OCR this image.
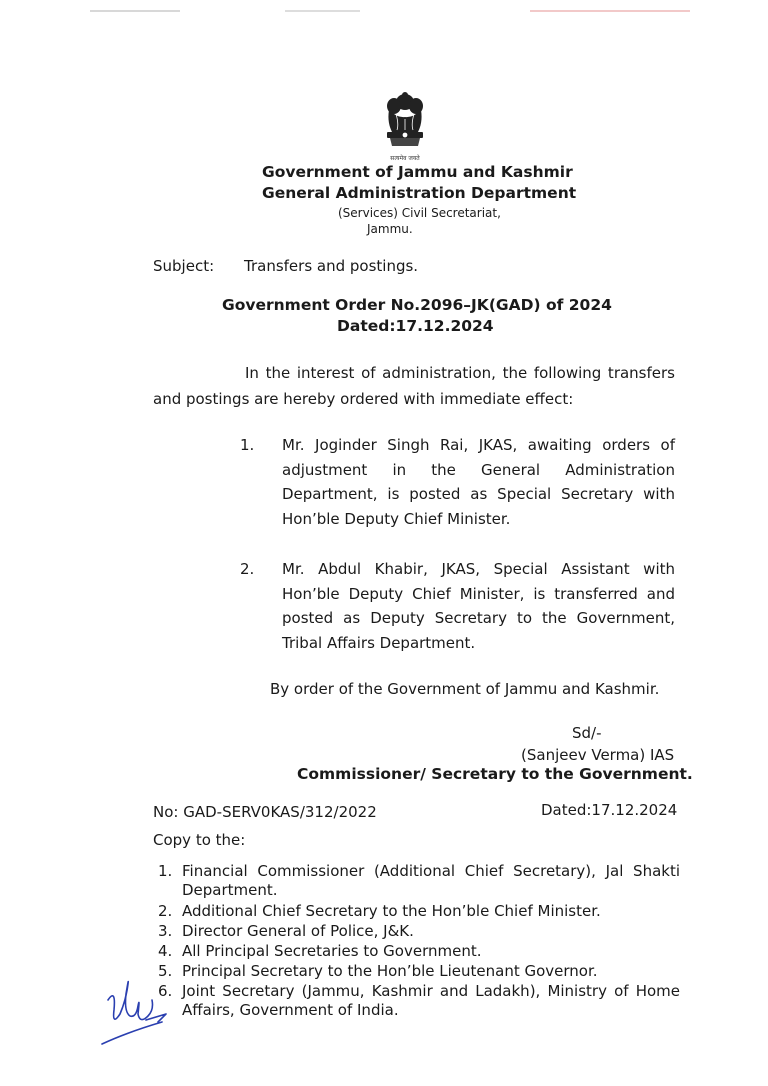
सत्यमेव जयते
Government of Jammu and Kashmir
General Administration Department
(Services) Civil Secretariat,
Jammu.
Subject: Transfers and postings.
Government Order No.2096–JK(GAD) of 2024
Dated:17.12.2024
In the interest of administration, the following transfers and postings are hereby ordered with immediate effect:
1. Mr. Joginder Singh Rai, JKAS, awaiting orders of adjustment in the General Administration Department, is posted as Special Secretary with Hon’ble Deputy Chief Minister.
2. Mr. Abdul Khabir, JKAS, Special Assistant with Hon’ble Deputy Chief Minister, is transferred and posted as Deputy Secretary to the Government, Tribal Affairs Department.
By order of the Government of Jammu and Kashmir.
Sd/-
(Sanjeev Verma) IAS
Commissioner/ Secretary to the Government.
No: GAD-SERV0KAS/312/2022	Dated:17.12.2024
Copy to the:
1. Financial Commissioner (Additional Chief Secretary), Jal Shakti Department.
2. Additional Chief Secretary to the Hon’ble Chief Minister.
3. Director General of Police, J&K.
4. All Principal Secretaries to Government.
5. Principal Secretary to the Hon’ble Lieutenant Governor.
6. Joint Secretary (Jammu, Kashmir and Ladakh), Ministry of Home Affairs, Government of India.
